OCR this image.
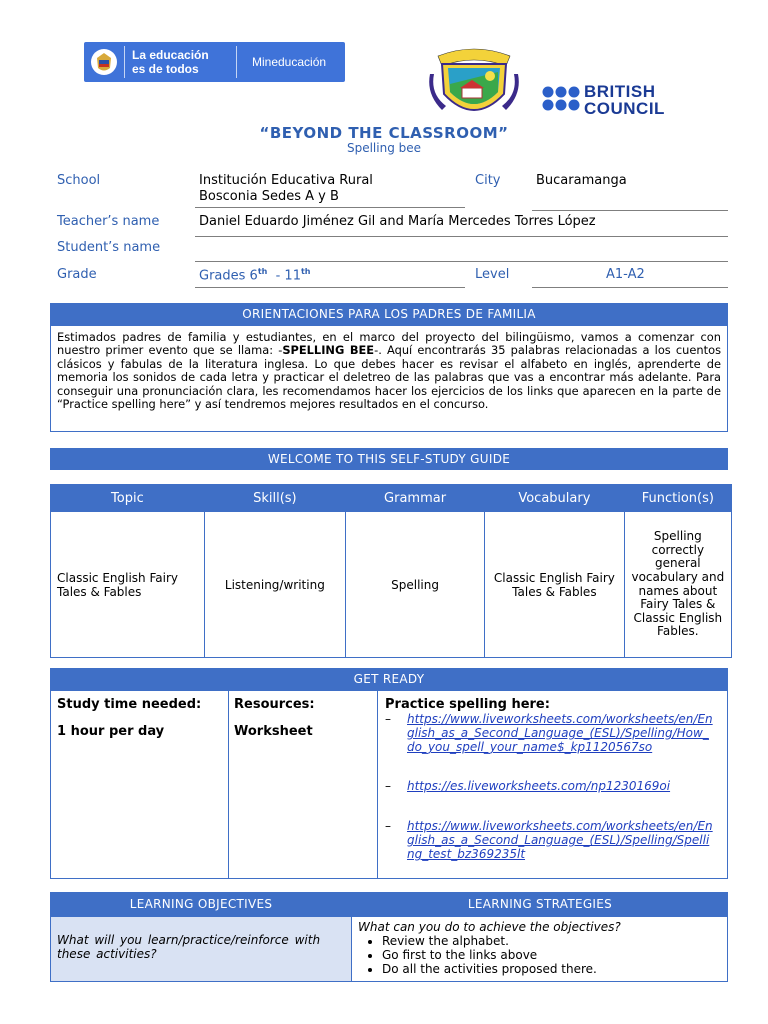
La educación
es de todos	Mineducación
BRITISH
COUNCIL
“BEYOND THE CLASSROOM”
Spelling bee
School	Institución Educativa Rural
Bosconia Sedes A y B
City	Bucaramanga
Teacher’s name	Daniel Eduardo Jiménez Gil and María Mercedes Torres López
Student’s name
Grade	Grades 6th  - 11th	Level	A1-A2
ORIENTACIONES PARA LOS PADRES DE FAMILIA
Estimados padres de familia y estudiantes, en el marco del proyecto del bilingüismo, vamos a comenzar con nuestro primer evento que se llama: -SPELLING BEE-. Aquí encontrarás 35 palabras relacionadas a los cuentos clásicos y fabulas de la literatura inglesa. Lo que debes hacer es revisar el alfabeto en inglés, aprenderte de memoria los sonidos de cada letra y practicar el deletreo de las palabras que vas a encontrar más adelante. Para conseguir una pronunciación clara, les recomendamos hacer los ejercicios de los links que aparecen en la parte de “Practice spelling here” y así tendremos mejores resultados en el concurso.
WELCOME TO THIS SELF-STUDY GUIDE
Topic	Skill(s)	Grammar	Vocabulary	Function(s)
Classic English Fairy Tales & Fables	Listening/writing	Spelling	Classic English Fairy Tales & Fables	Spelling correctly general vocabulary and names about Fairy Tales & Classic English Fables.
GET READY
Study time needed:
1 hour per day
Resources:
Worksheet
Practice spelling here:
– https://www.liveworksheets.com/worksheets/en/English_as_a_Second_Language_(ESL)/Spelling/How_do_you_spell_your_name$_kp1120567so
– https://es.liveworksheets.com/np1230169oi
– https://www.liveworksheets.com/worksheets/en/English_as_a_Second_Language_(ESL)/Spelling/Spelling_test_bz369235lt
LEARNING OBJECTIVES	LEARNING STRATEGIES
What will you learn/practice/reinforce with these activities?
What can you do to achieve the objectives?
• Review the alphabet.
• Go first to the links above
• Do all the activities proposed there.
